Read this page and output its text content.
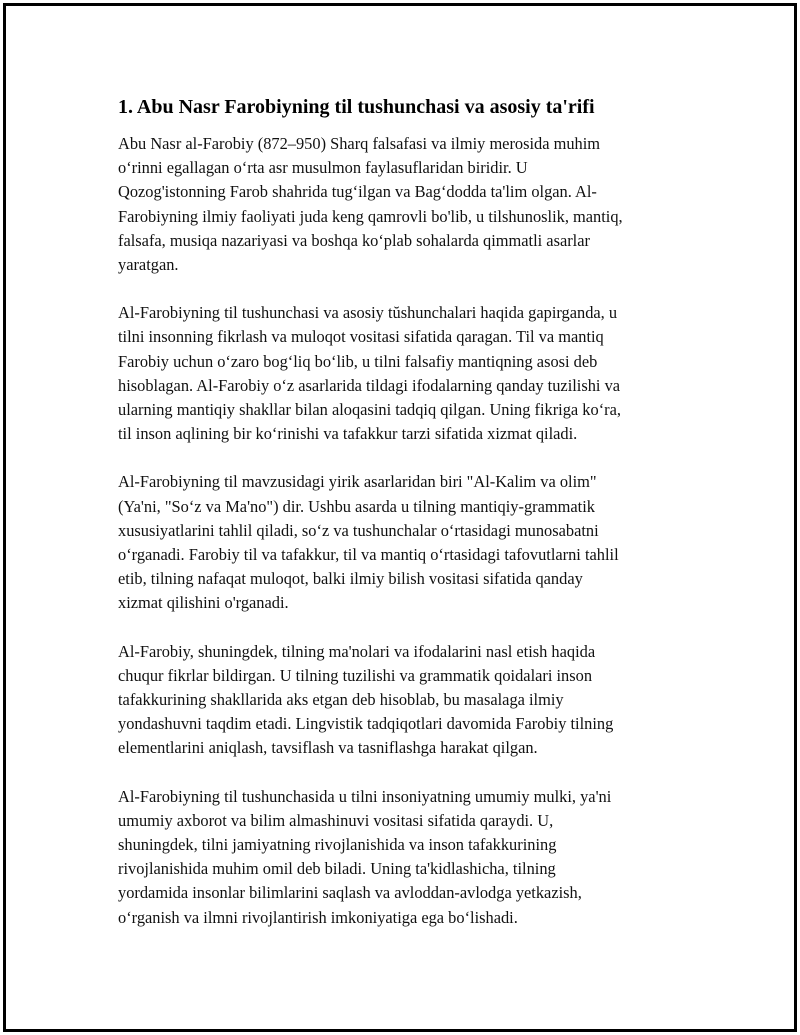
1. Abu Nasr Farobiyning til tushunchasi va asosiy ta'rifi

Abu Nasr al-Farobiy (872–950) Sharq falsafasi va ilmiy merosida muhim
o‘rinni egallagan o‘rta asr musulmon faylasuflaridan biridir. U
Qozog'istonning Farob shahrida tug‘ilgan va Bag‘dodda ta'lim olgan. Al-
Farobiyning ilmiy faoliyati juda keng qamrovli bo'lib, u tilshunoslik, mantiq,
falsafa, musiqa nazariyasi va boshqa ko‘plab sohalarda qimmatli asarlar
yaratgan.

Al-Farobiyning til tushunchasi va asosiy tŭshunchalari haqida gapirganda, u
tilni insonning fikrlash va muloqot vositasi sifatida qaragan. Til va mantiq
Farobiy uchun o‘zaro bog‘liq bo‘lib, u tilni falsafiy mantiqning asosi deb
hisoblagan. Al-Farobiy o‘z asarlarida tildagi ifodalarning qanday tuzilishi va
ularning mantiqiy shakllar bilan aloqasini tadqiq qilgan. Uning fikriga ko‘ra,
til inson aqlining bir ko‘rinishi va tafakkur tarzi sifatida xizmat qiladi.

Al-Farobiyning til mavzusidagi yirik asarlaridan biri "Al-Kalim va olim"
(Ya'ni, "So‘z va Ma'no") dir. Ushbu asarda u tilning mantiqiy-grammatik
xususiyatlarini tahlil qiladi, so‘z va tushunchalar o‘rtasidagi munosabatni
o‘rganadi. Farobiy til va tafakkur, til va mantiq o‘rtasidagi tafovutlarni tahlil
etib, tilning nafaqat muloqot, balki ilmiy bilish vositasi sifatida qanday
xizmat qilishini o'rganadi.

Al-Farobiy, shuningdek, tilning ma'nolari va ifodalarini nasl etish haqida
chuqur fikrlar bildirgan. U tilning tuzilishi va grammatik qoidalari inson
tafakkurining shakllarida aks etgan deb hisoblab, bu masalaga ilmiy
yondashuvni taqdim etadi. Lingvistik tadqiqotlari davomida Farobiy tilning
elementlarini aniqlash, tavsiflash va tasniflashga harakat qilgan.

Al-Farobiyning til tushunchasida u tilni insoniyatning umumiy mulki, ya'ni
umumiy axborot va bilim almashinuvi vositasi sifatida qaraydi. U,
shuningdek, tilni jamiyatning rivojlanishida va inson tafakkurining
rivojlanishida muhim omil deb biladi. Uning ta'kidlashicha, tilning
yordamida insonlar bilimlarini saqlash va avloddan-avlodga yetkazish,
o‘rganish va ilmni rivojlantirish imkoniyatiga ega bo‘lishadi.
